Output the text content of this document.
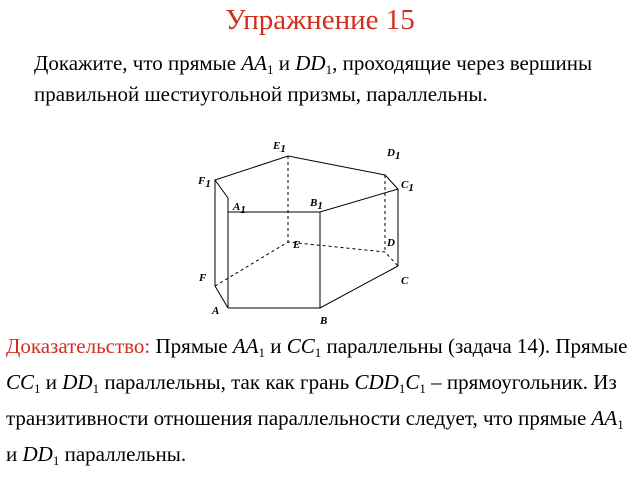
Упражнение 15
Докажите, что прямые $AA_1$ и $DD_1$, проходящие через вершины правильной шестиугольной призмы, параллельны.
E1	D1
F1	C1
A1
B1
E	D
F	C
A
B
Доказательство: Прямые $AA_1$ и $CC_1$ параллельны (задача 14). Прямые $CC_1$ и $DD_1$ параллельны, так как грань $CDD_1C_1$ – прямоугольник. Из транзитивности отношения параллельности следует, что прямые $AA_1$ и $DD_1$ параллельны.
